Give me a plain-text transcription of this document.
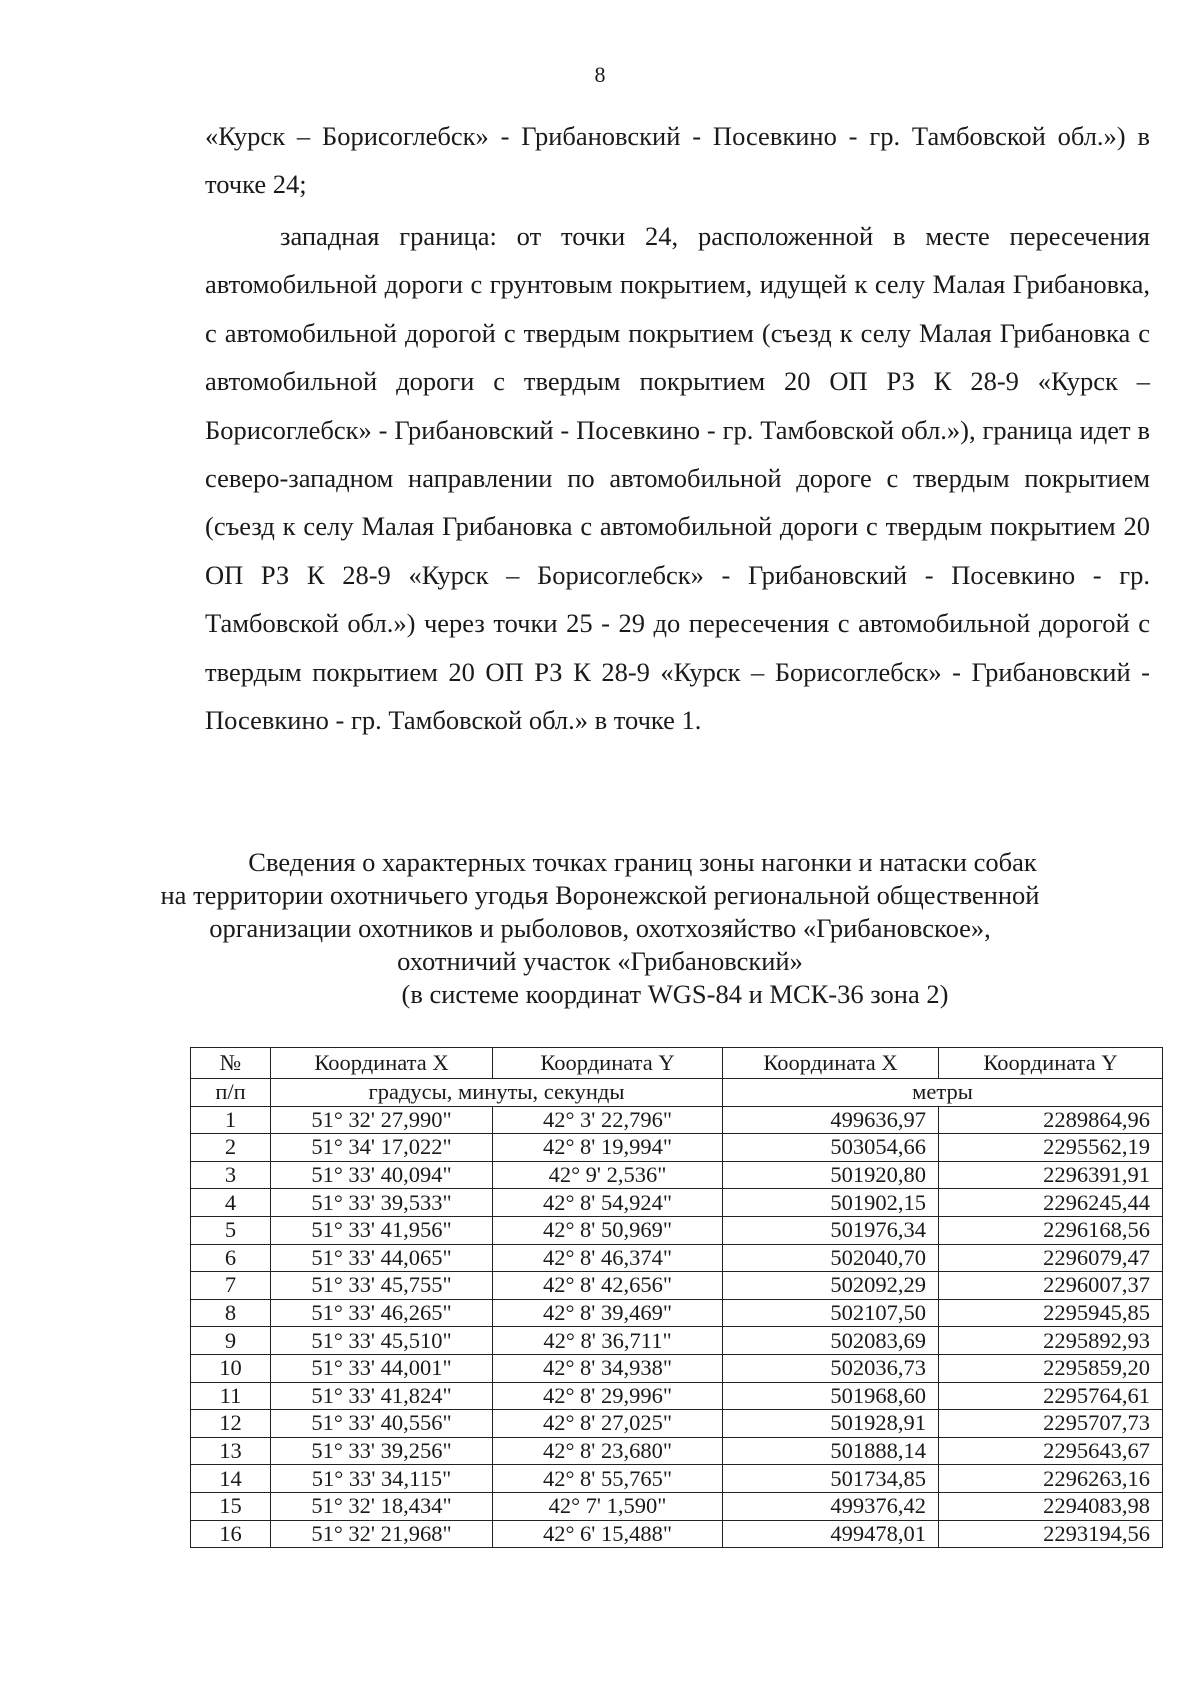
8
«Курск – Борисоглебск» - Грибановский - Посевкино - гр. Тамбовской обл.») в точке 24;
западная граница: от точки 24, расположенной в месте пересечения автомобильной дороги с грунтовым покрытием, идущей к селу Малая Грибановка, с автомобильной дорогой с твердым покрытием (съезд к селу Малая Грибановка с автомобильной дороги с твердым покрытием 20 ОП РЗ К 28-9 «Курск – Борисоглебск» - Грибановский - Посевкино - гр. Тамбовской обл.»), граница идет в северо-западном направлении по автомобильной дороге с твердым покрытием (съезд к селу Малая Грибановка с автомобильной дороги с твердым покрытием 20 ОП РЗ К 28-9 «Курск – Борисоглебск» - Грибановский - Посевкино - гр. Тамбовской обл.») через точки 25 - 29 до пересечения с автомобильной дорогой с твердым покрытием 20 ОП РЗ К 28-9 «Курск – Борисоглебск» - Грибановский - Посевкино - гр. Тамбовской обл.» в точке 1.
Сведения о характерных точках границ зоны нагонки и натаски собак
на территории охотничьего угодья Воронежской региональной общественной
организации охотников и рыболовов, охотхозяйство «Грибановское»,
охотничий участок «Грибановский»
(в системе координат WGS-84 и МСК-36 зона 2)
№	Координата X	Координата Y	Координата X	Координата Y
п/п	градусы, минуты, секунды		метры	
1	51° 32' 27,990"	42° 3' 22,796"	499636,97	2289864,96
2	51° 34' 17,022"	42° 8' 19,994"	503054,66	2295562,19
3	51° 33' 40,094"	42° 9' 2,536"	501920,80	2296391,91
4	51° 33' 39,533"	42° 8' 54,924"	501902,15	2296245,44
5	51° 33' 41,956"	42° 8' 50,969"	501976,34	2296168,56
6	51° 33' 44,065"	42° 8' 46,374"	502040,70	2296079,47
7	51° 33' 45,755"	42° 8' 42,656"	502092,29	2296007,37
8	51° 33' 46,265"	42° 8' 39,469"	502107,50	2295945,85
9	51° 33' 45,510"	42° 8' 36,711"	502083,69	2295892,93
10	51° 33' 44,001"	42° 8' 34,938"	502036,73	2295859,20
11	51° 33' 41,824"	42° 8' 29,996"	501968,60	2295764,61
12	51° 33' 40,556"	42° 8' 27,025"	501928,91	2295707,73
13	51° 33' 39,256"	42° 8' 23,680"	501888,14	2295643,67
14	51° 33' 34,115"	42° 8' 55,765"	501734,85	2296263,16
15	51° 32' 18,434"	42° 7' 1,590"	499376,42	2294083,98
16	51° 32' 21,968"	42° 6' 15,488"	499478,01	2293194,56
